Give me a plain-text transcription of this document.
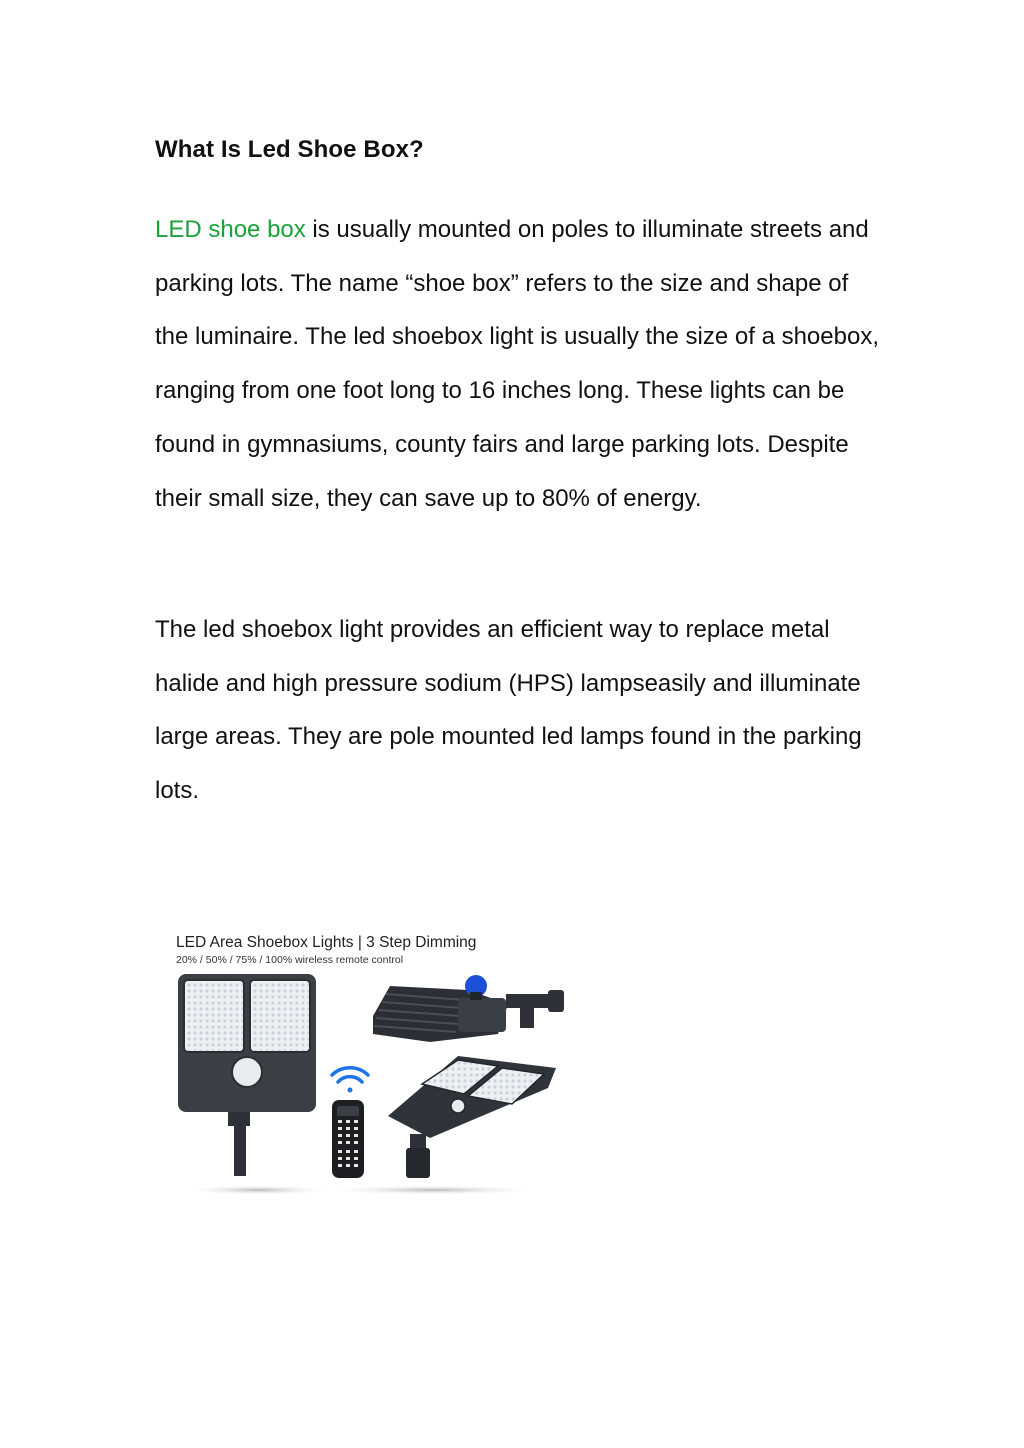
What Is Led Shoe Box?
LED shoe box is usually mounted on poles to illuminate streets and parking lots. The name “shoe box” refers to the size and shape of the luminaire. The led shoebox light is usually the size of a shoebox, ranging from one foot long to 16 inches long. These lights can be found in gymnasiums, county fairs and large parking lots. Despite their small size, they can save up to 80% of energy.
The led shoebox light provides an efficient way to replace metal halide and high pressure sodium (HPS) lampseasily and illuminate large areas. They are pole mounted led lamps found in the parking lots.
LED Area Shoebox Lights | 3 Step Dimming
20% / 50% / 75% / 100% wireless remote control
